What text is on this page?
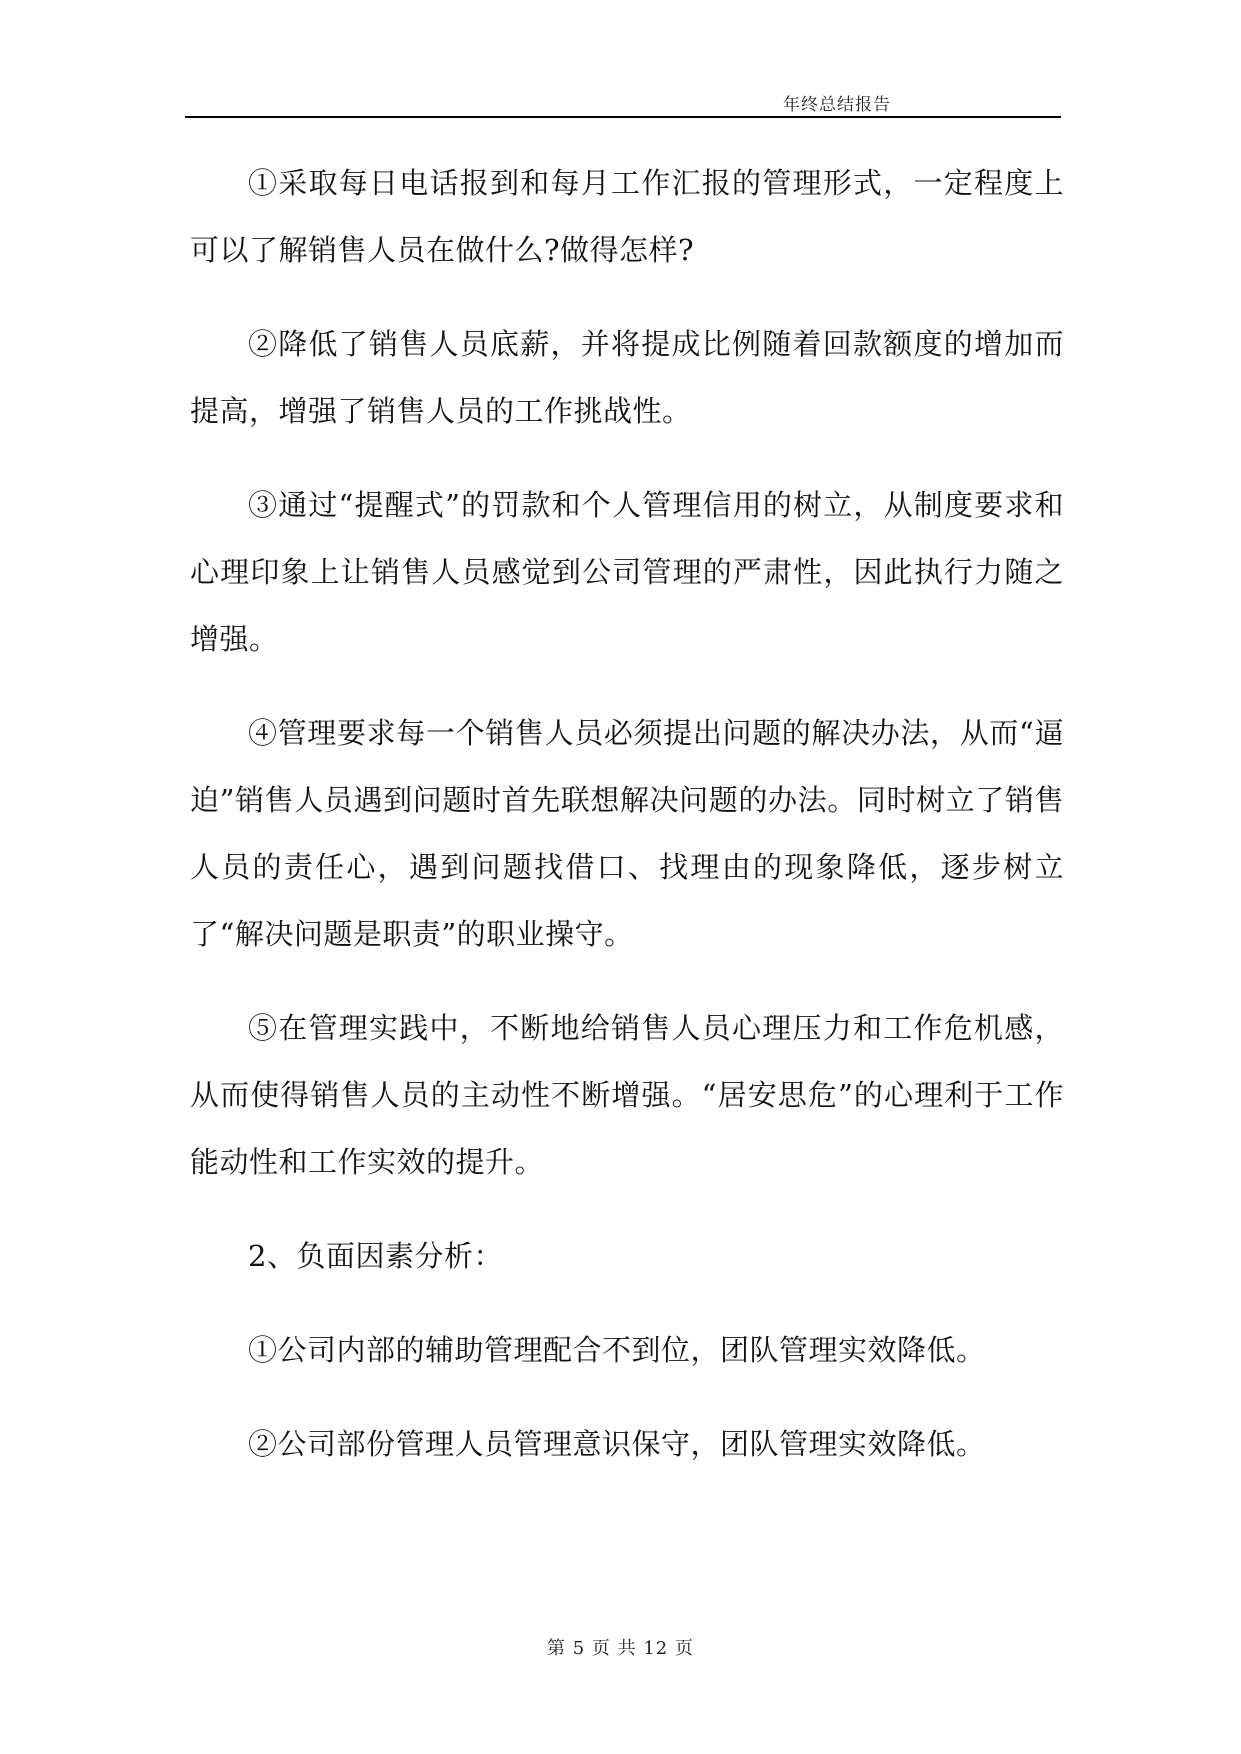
年终总结报告

①采取每日电话报到和每月工作汇报的管理形式，一定程度上可以了解销售人员在做什么?做得怎样?

②降低了销售人员底薪，并将提成比例随着回款额度的增加而提高，增强了销售人员的工作挑战性。

③通过“提醒式”的罚款和个人管理信用的树立，从制度要求和心理印象上让销售人员感觉到公司管理的严肃性，因此执行力随之增强。

④管理要求每一个销售人员必须提出问题的解决办法，从而“逼迫”销售人员遇到问题时首先联想解决问题的办法。同时树立了销售人员的责任心，遇到问题找借口、找理由的现象降低，逐步树立了“解决问题是职责”的职业操守。

⑤在管理实践中，不断地给销售人员心理压力和工作危机感，从而使得销售人员的主动性不断增强。“居安思危”的心理利于工作能动性和工作实效的提升。

2、负面因素分析：

①公司内部的辅助管理配合不到位，团队管理实效降低。

②公司部份管理人员管理意识保守，团队管理实效降低。

第 5 页 共 12 页
